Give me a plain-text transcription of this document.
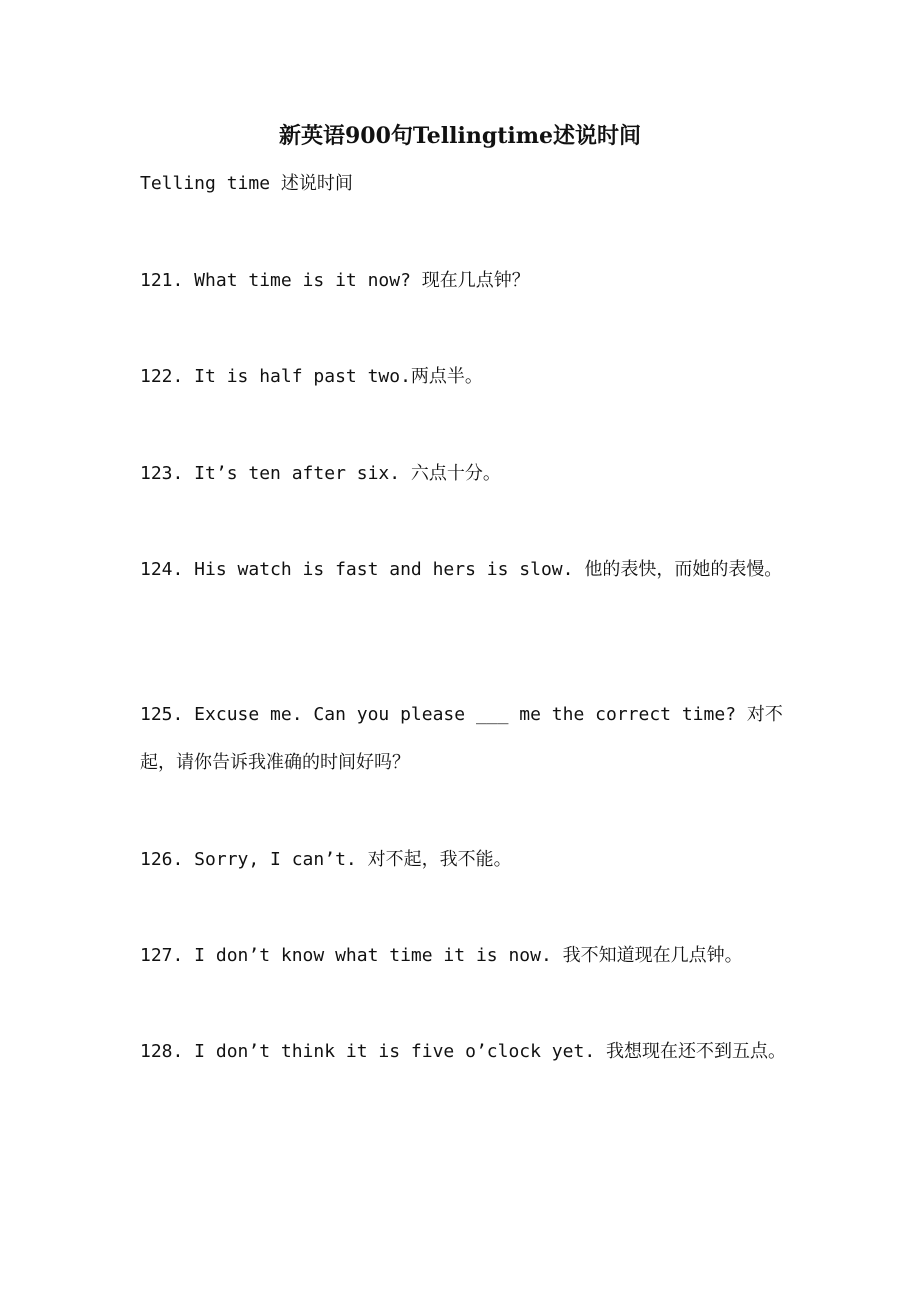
新英语900句Tellingtime述说时间
Telling time 述说时间
121. What time is it now? 现在几点钟？
122. It is half past two.两点半。
123. It’s ten after six. 六点十分。
124. His watch is fast and hers is slow. 他的表快，而她的表慢。
125. Excuse me. Can you please ___ me the correct time? 对不起，请你告诉我准确的时间好吗？
126. Sorry, I can’t. 对不起，我不能。
127. I don’t know what time it is now. 我不知道现在几点钟。
128. I don’t think it is five o’clock yet. 我想现在还不到五点。
